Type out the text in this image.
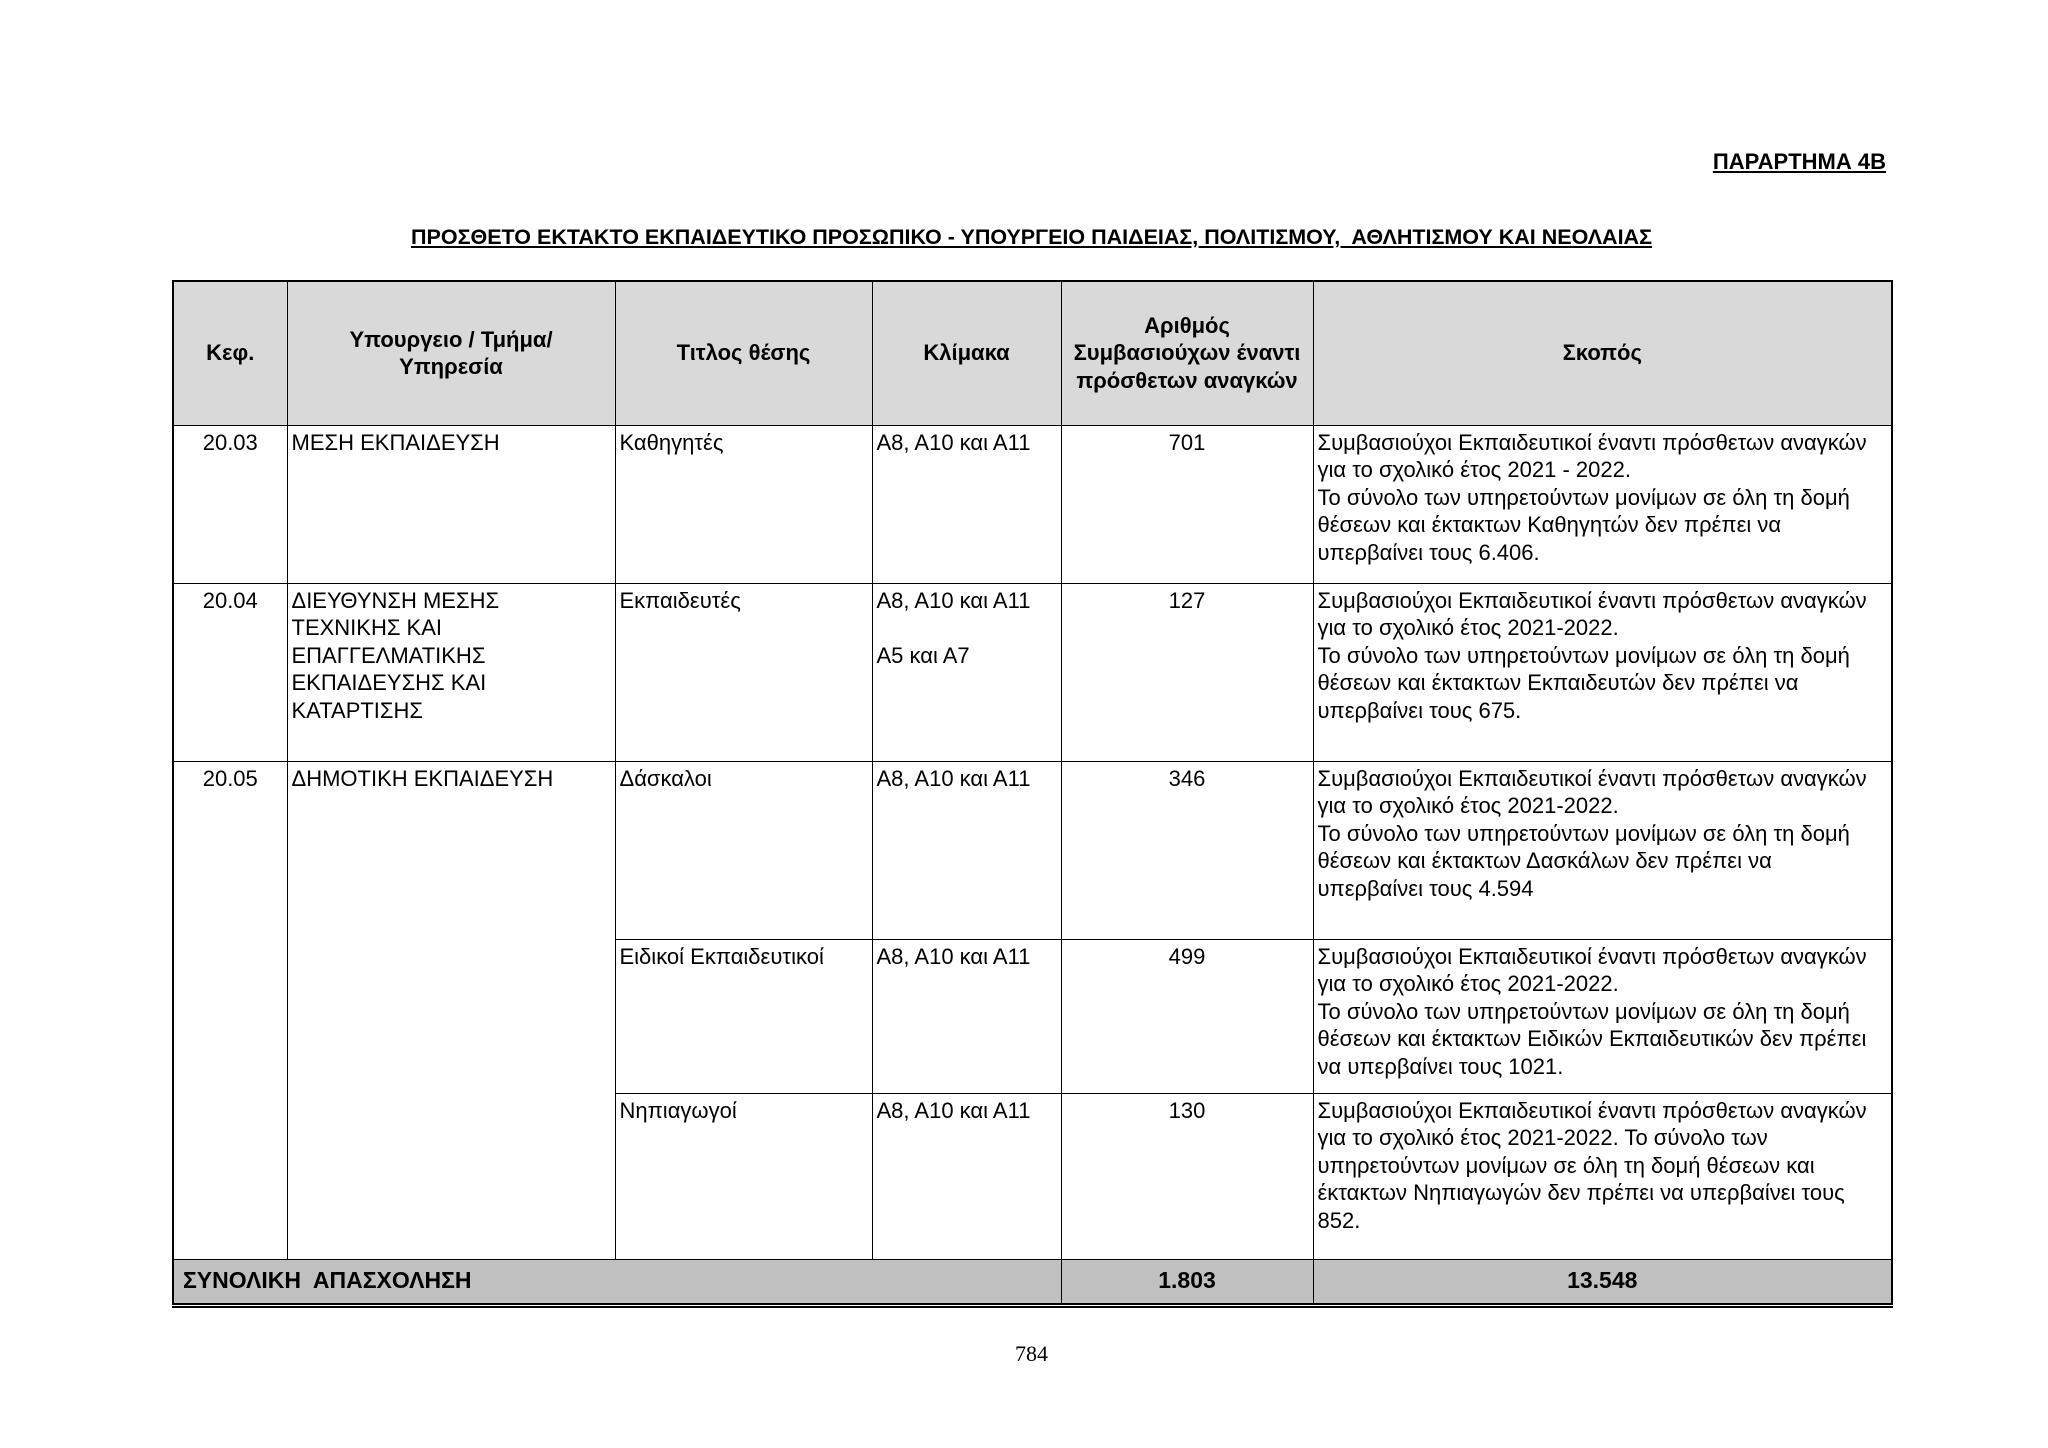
ΠΑΡΑΡΤΗΜΑ 4Β
ΠΡΟΣΘΕΤΟ ΕΚΤΑΚΤΟ ΕΚΠΑΙΔΕΥΤΙΚΟ ΠΡΟΣΩΠΙΚΟ - ΥΠΟΥΡΓΕΙΟ ΠΑΙΔΕΙΑΣ, ΠΟΛΙΤΙΣΜΟΥ,  ΑΘΛΗΤΙΣΜΟΥ ΚΑΙ ΝΕΟΛΑΙΑΣ
Κεφ.	Υπουργειο / Τμήμα/
Υπηρεσία	Τιτλος θέσης	Κλίμακα	Αριθμός
Συμβασιούχων έναντι
πρόσθετων αναγκών	Σκοπός
20.03	ΜΕΣΗ ΕΚΠΑΙΔΕΥΣΗ	Καθηγητές	Α8, Α10 και Α11	701	Συμβασιούχοι Εκπαιδευτικοί έναντι πρόσθετων αναγκών για το σχολικό έτος 2021 - 2022.
Το σύνολο των υπηρετούντων μονίμων σε όλη τη δομή θέσεων και έκτακτων Καθηγητών δεν πρέπει να υπερβαίνει τους 6.406.
20.04	ΔΙΕΥΘΥΝΣΗ ΜΕΣΗΣ
ΤΕΧΝΙΚΗΣ ΚΑΙ
ΕΠΑΓΓΕΛΜΑΤΙΚΗΣ
ΕΚΠΑΙΔΕΥΣΗΣ ΚΑΙ
ΚΑΤΑΡΤΙΣΗΣ	Εκπαιδευτές	Α8, Α10 και Α11

Α5 και Α7	127	Συμβασιούχοι Εκπαιδευτικοί έναντι πρόσθετων αναγκών για το σχολικό έτος 2021-2022.
Το σύνολο των υπηρετούντων μονίμων σε όλη τη δομή θέσεων και έκτακτων Εκπαιδευτών δεν πρέπει να υπερβαίνει τους 675.
20.05	ΔΗΜΟΤΙΚΗ ΕΚΠΑΙΔΕΥΣΗ	Δάσκαλοι	Α8, Α10 και Α11	346	Συμβασιούχοι Εκπαιδευτικοί έναντι πρόσθετων αναγκών για το σχολικό έτος 2021-2022.
Το σύνολο των υπηρετούντων μονίμων σε όλη τη δομή θέσεων και έκτακτων Δασκάλων δεν πρέπει να υπερβαίνει τους 4.594
		Ειδικοί Εκπαιδευτικοί	Α8, Α10 και Α11	499	Συμβασιούχοι Εκπαιδευτικοί έναντι πρόσθετων αναγκών για το σχολικό έτος 2021-2022.
Το σύνολο των υπηρετούντων μονίμων σε όλη τη δομή θέσεων και έκτακτων Ειδικών Εκπαιδευτικών δεν πρέπει να υπερβαίνει τους 1021.
		Νηπιαγωγοί	Α8, Α10 και Α11	130	Συμβασιούχοι Εκπαιδευτικοί έναντι πρόσθετων αναγκών για το σχολικό έτος 2021-2022. Το σύνολο των υπηρετούντων μονίμων σε όλη τη δομή θέσεων και έκτακτων Νηπιαγωγών δεν πρέπει να υπερβαίνει τους 852.
ΣΥΝΟΛΙΚΗ  ΑΠΑΣΧΟΛΗΣΗ				1.803	13.548
784
